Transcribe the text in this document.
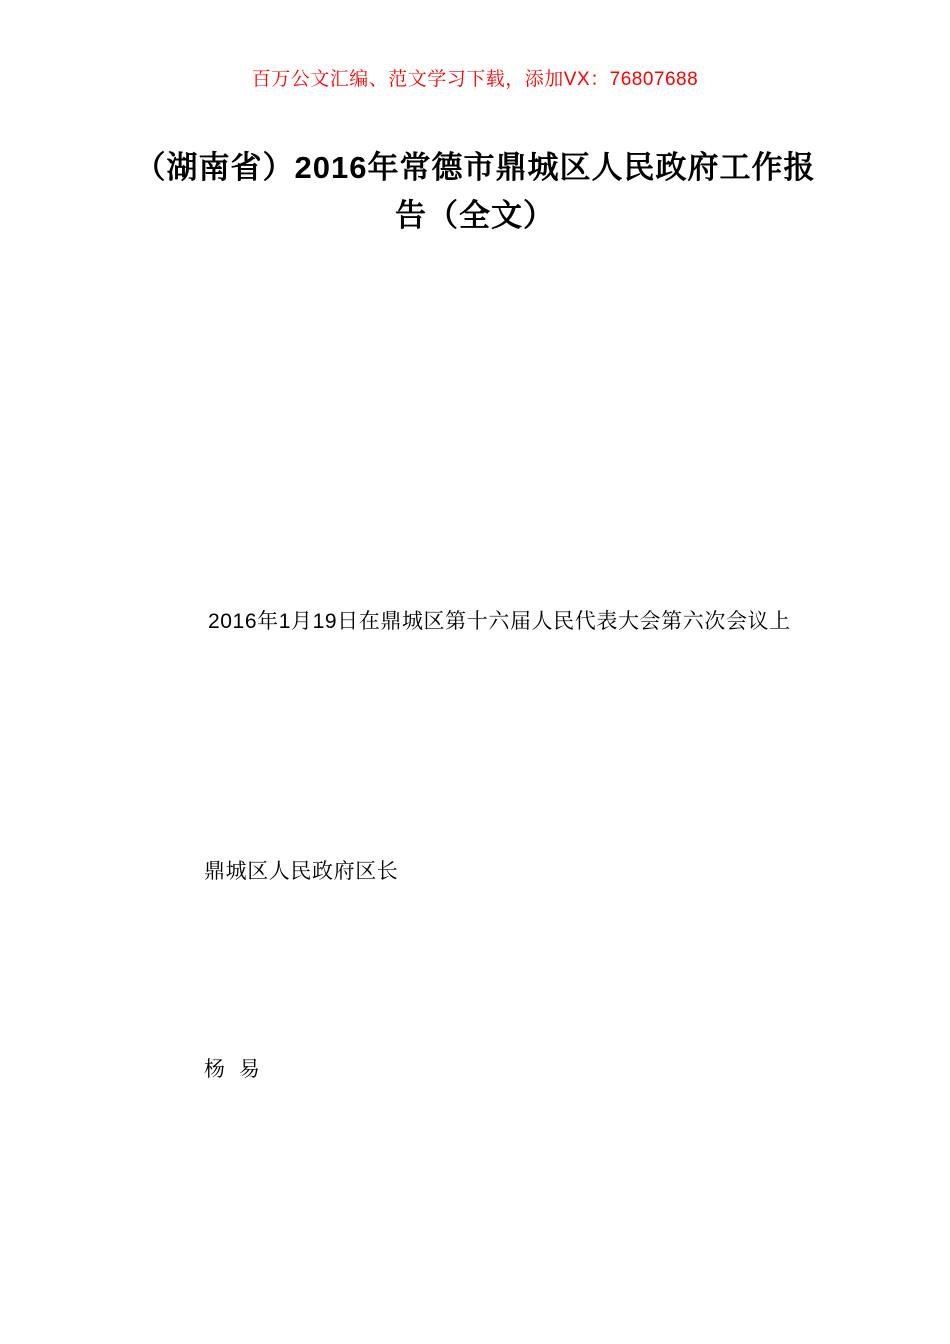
百万公文汇编、范文学习下载，添加VX：76807688
（湖南省）2016年常德市鼎城区人民政府工作报告（全文）
2016年1月19日在鼎城区第十六届人民代表大会第六次会议上
鼎城区人民政府区长
杨 易
